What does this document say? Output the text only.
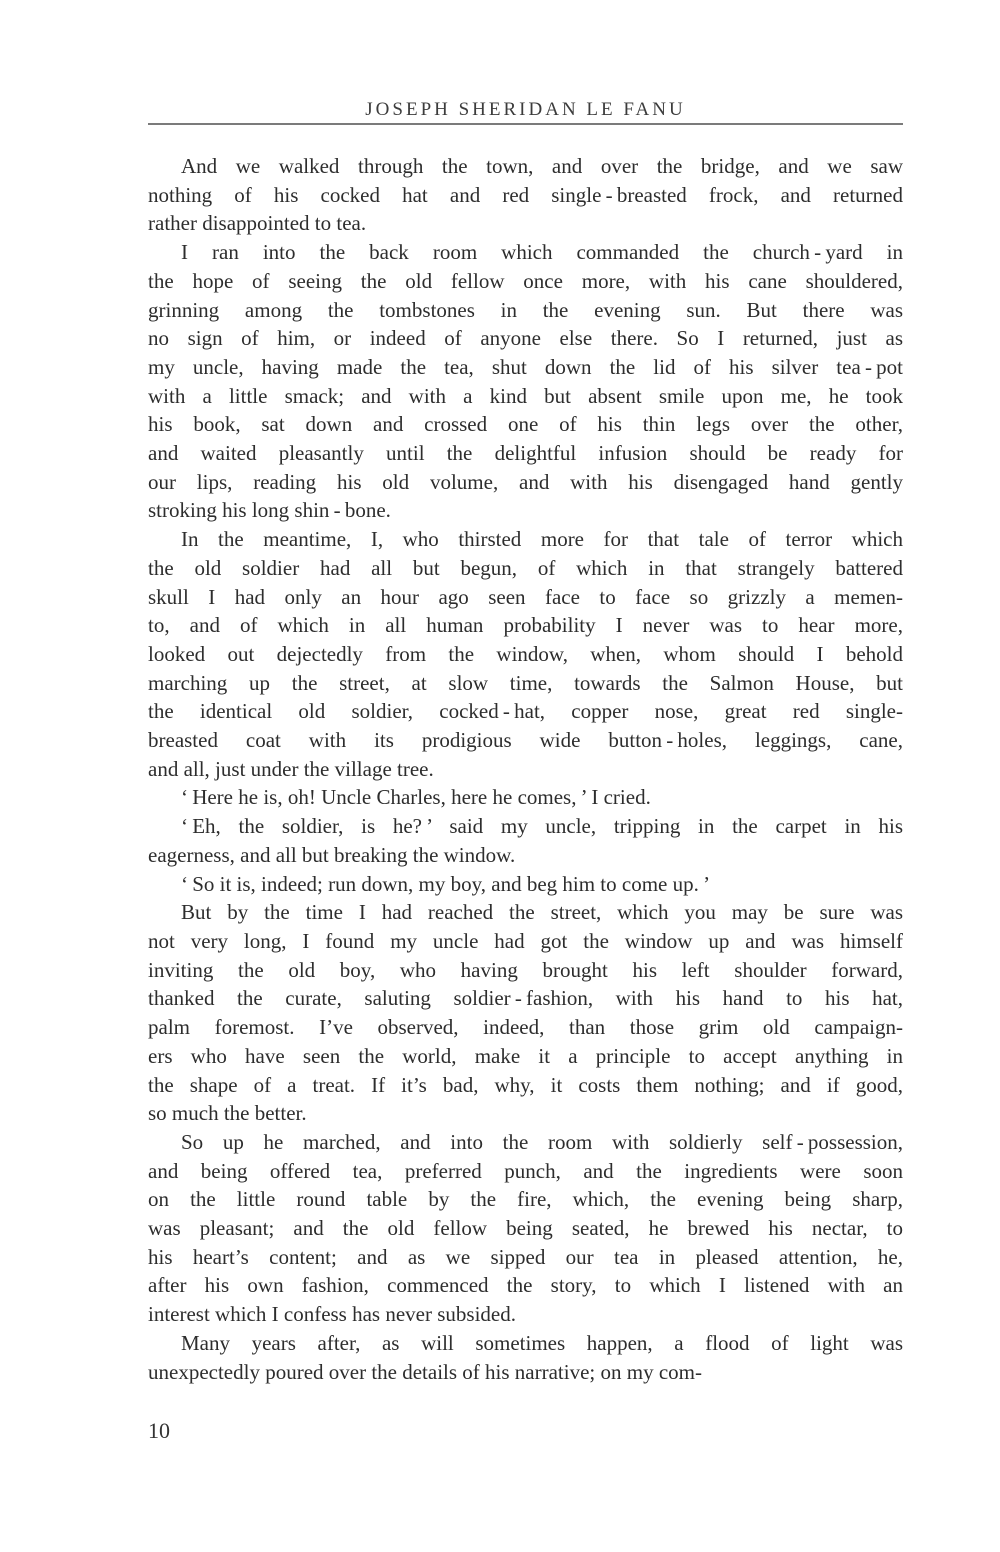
JOSEPH SHERIDAN LE FANU
And we walked through the town, and over the bridge, and we saw
nothing of his cocked hat and red single - breasted frock, and returned
rather disappointed to tea.
I ran into the back room which commanded the church - yard in
the hope of seeing the old fellow once more, with his cane shouldered,
grinning among the tombstones in the evening sun. But there was
no sign of him, or indeed of anyone else there. So I returned, just as
my uncle, having made the tea, shut down the lid of his silver tea - pot
with a little smack; and with a kind but absent smile upon me, he took
his book, sat down and crossed one of his thin legs over the other,
and waited pleasantly until the delightful infusion should be ready for
our lips, reading his old volume, and with his disengaged hand gently
stroking his long shin - bone.
In the meantime, I, who thirsted more for that tale of terror which
the old soldier had all but begun, of which in that strangely battered
skull I had only an hour ago seen face to face so grizzly a memen-
to, and of which in all human probability I never was to hear more,
looked out dejectedly from the window, when, whom should I behold
marching up the street, at slow time, towards the Salmon House, but
the identical old soldier, cocked - hat, copper nose, great red single-
breasted coat with its prodigious wide button - holes, leggings, cane,
and all, just under the village tree.
‘ Here he is, oh! Uncle Charles, here he comes, ’ I cried.
‘ Eh, the soldier, is he? ’ said my uncle, tripping in the carpet in his
eagerness, and all but breaking the window.
‘ So it is, indeed; run down, my boy, and beg him to come up. ’
But by the time I had reached the street, which you may be sure was
not very long, I found my uncle had got the window up and was himself
inviting the old boy, who having brought his left shoulder forward,
thanked the curate, saluting soldier - fashion, with his hand to his hat,
palm foremost. I’ve observed, indeed, than those grim old campaign-
ers who have seen the world, make it a principle to accept anything in
the shape of a treat. If it’s bad, why, it costs them nothing; and if good,
so much the better.
So up he marched, and into the room with soldierly self - possession,
and being offered tea, preferred punch, and the ingredients were soon
on the little round table by the fire, which, the evening being sharp,
was pleasant; and the old fellow being seated, he brewed his nectar, to
his heart’s content; and as we sipped our tea in pleased attention, he,
after his own fashion, commenced the story, to which I listened with an
interest which I confess has never subsided.
Many years after, as will sometimes happen, a flood of light was
unexpectedly poured over the details of his narrative; on my com-
10
